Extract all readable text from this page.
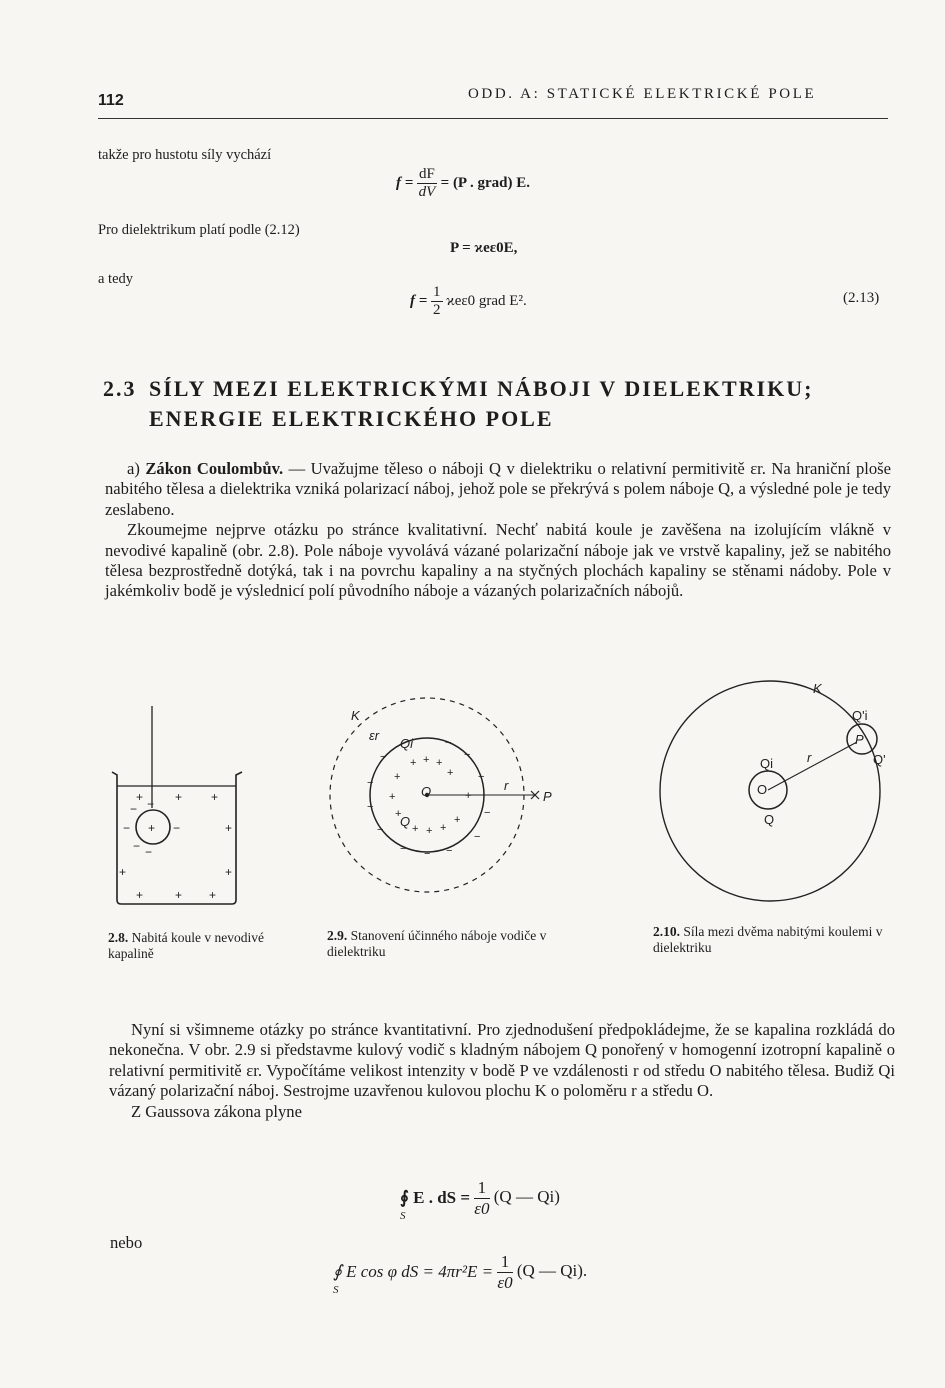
112	ODD. A: STATICKÉ ELEKTRICKÉ POLE
takže pro hustotu síly vychází
$f = \frac{dF}{dV} = (P$ . grad) E.
Pro dielektrikum platí podle (2.12)
P = ϰeε0E,
a tedy
$f = \frac{1}{2} ϰe\varepsilon 0$ grad E².	(2.13)
2.3 SÍLY MEZI ELEKTRICKÝMI NÁBOJI V DIELEKTRIKU;
ENERGIE ELEKTRICKÉHO POLE

a) Zákon Coulombův. — Uvažujme těleso o náboji Q v dielektriku o relativní permitivitě εr. Na hraniční ploše nabitého tělesa a dielektrika vzniká polarizací náboj, jehož pole se překrývá s polem náboje Q, a výsledné pole je tedy zeslabeno.

Zkoumejme nejprve otázku po stránce kvalitativní. Nechť nabitá koule je zavěšena na izolujícím vlákně v nevodivé kapalině (obr. 2.8). Pole náboje vyvolává vázané polarizační náboje jak ve vrstvě kapaliny, jež se nabitého tělesa bezprostředně dotýká, tak i na povrchu kapaliny a na styčných plochách kapaliny se stěnami nádoby. Pole v jakémkoliv bodě je výslednicí polí původního náboje a vázaných polarizačních nábojů.

+
+	+ +
− −
−	−
− −
+
+
+
+	+ +
2.8. Nabitá koule v nevodivé kapalině
K
εr
Qi
O	r
P
Q
+ + +
+
+
+	+
+
+ + +
+
− −
−
−
−
−
−
−
− − −
−
−
2.9. Stanovení účinného náboje vodiče v dielektriku
K
Qi
O
r
Q
Q'i
P
Q'
2.10. Síla mezi dvěma nabitými koulemi v dielektriku

Nyní si všimneme otázky po stránce kvantitativní. Pro zjednodušení předpokládejme, že se kapalina rozkládá do nekonečna. V obr. 2.9 si představme kulový vodič s kladným nábojem Q ponořený v homogenní izotropní kapalině o relativní permitivitě εr. Vypočítáme velikost intenzity v bodě P ve vzdálenosti r od středu O nabitého tělesa. Budiž Qi vázaný polarizační náboj. Sestrojme uzavřenou kulovou plochu K o poloměru r a středu O.

Z Gaussova zákona plyne

∮ E . dS =
S
	$\frac{1}{\varepsilon 0} (Q$ — Qi)
nebo
∮ E cos φ dS = 4πr²E =
S
	$\frac{1}{\varepsilon 0} (Q$ — Qi).
